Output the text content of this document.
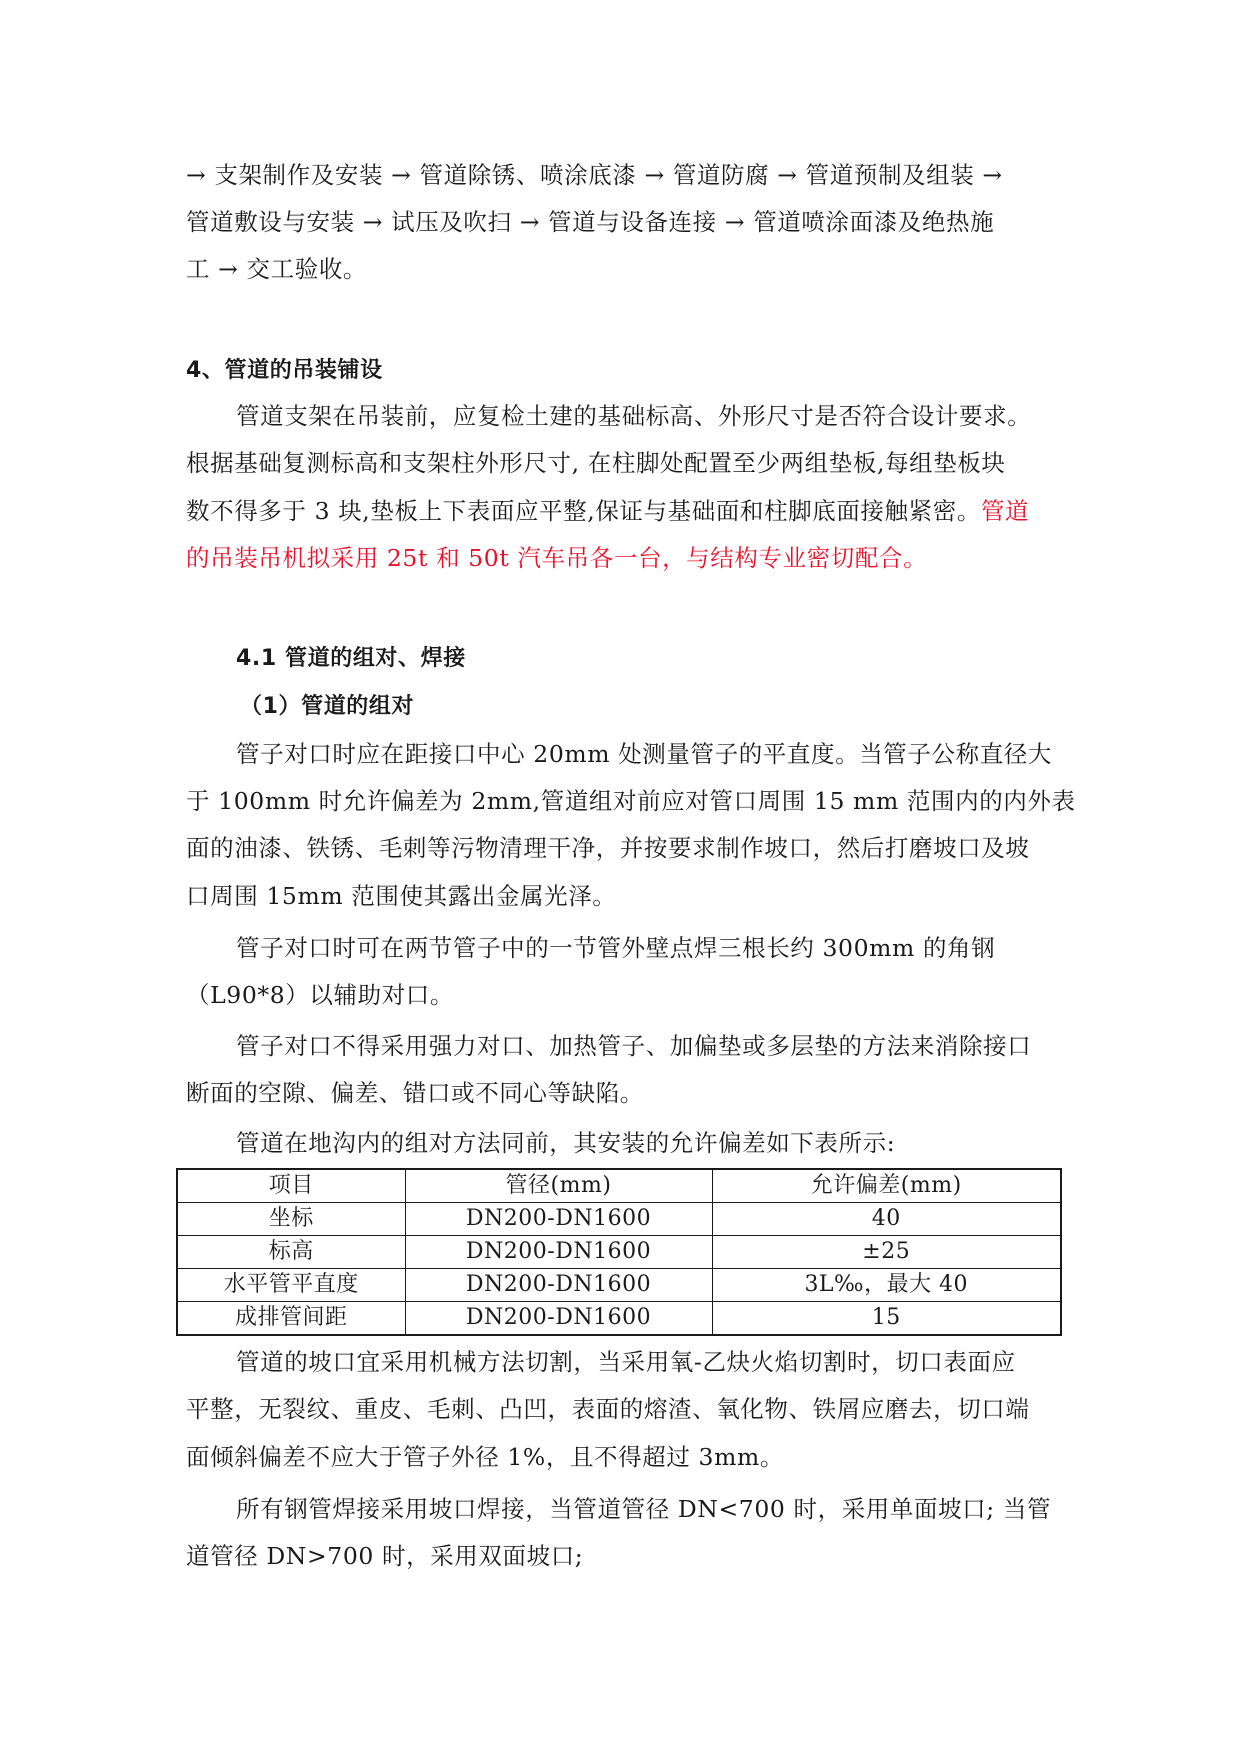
→ 支架制作及安装 → 管道除锈、喷涂底漆 → 管道防腐 → 管道预制及组装 →
管道敷设与安装 → 试压及吹扫 → 管道与设备连接 → 管道喷涂面漆及绝热施
工 → 交工验收。
4、管道的吊装铺设
管道支架在吊装前，应复检土建的基础标高、外形尺寸是否符合设计要求。
根据基础复测标高和支架柱外形尺寸, 在柱脚处配置至少两组垫板,每组垫板块
数不得多于 3 块,垫板上下表面应平整,保证与基础面和柱脚底面接触紧密。管道
的吊装吊机拟采用 25t 和 50t 汽车吊各一台，与结构专业密切配合。
4.1 管道的组对、焊接
（1）管道的组对
管子对口时应在距接口中心 20mm 处测量管子的平直度。当管子公称直径大
于 100mm 时允许偏差为 2mm,管道组对前应对管口周围 15 mm 范围内的内外表
面的油漆、铁锈、毛刺等污物清理干净，并按要求制作坡口，然后打磨坡口及坡
口周围 15mm 范围使其露出金属光泽。
管子对口时可在两节管子中的一节管外壁点焊三根长约 300mm 的角钢
（L90*8）以辅助对口。
管子对口不得采用强力对口、加热管子、加偏垫或多层垫的方法来消除接口
断面的空隙、偏差、错口或不同心等缺陷。
管道在地沟内的组对方法同前，其安装的允许偏差如下表所示:
项目	管径(mm)	允许偏差(mm)
坐标	DN200-DN1600	40
标高	DN200-DN1600	±25
水平管平直度	DN200-DN1600	3L‰，最大 40
成排管间距	DN200-DN1600	15
管道的坡口宜采用机械方法切割，当采用氧-乙炔火焰切割时，切口表面应
平整，无裂纹、重皮、毛刺、凸凹，表面的熔渣、氧化物、铁屑应磨去，切口端
面倾斜偏差不应大于管子外径 1%，且不得超过 3mm。
所有钢管焊接采用坡口焊接，当管道管径 DN<700 时，采用单面坡口; 当管
道管径 DN>700 时，采用双面坡口;
